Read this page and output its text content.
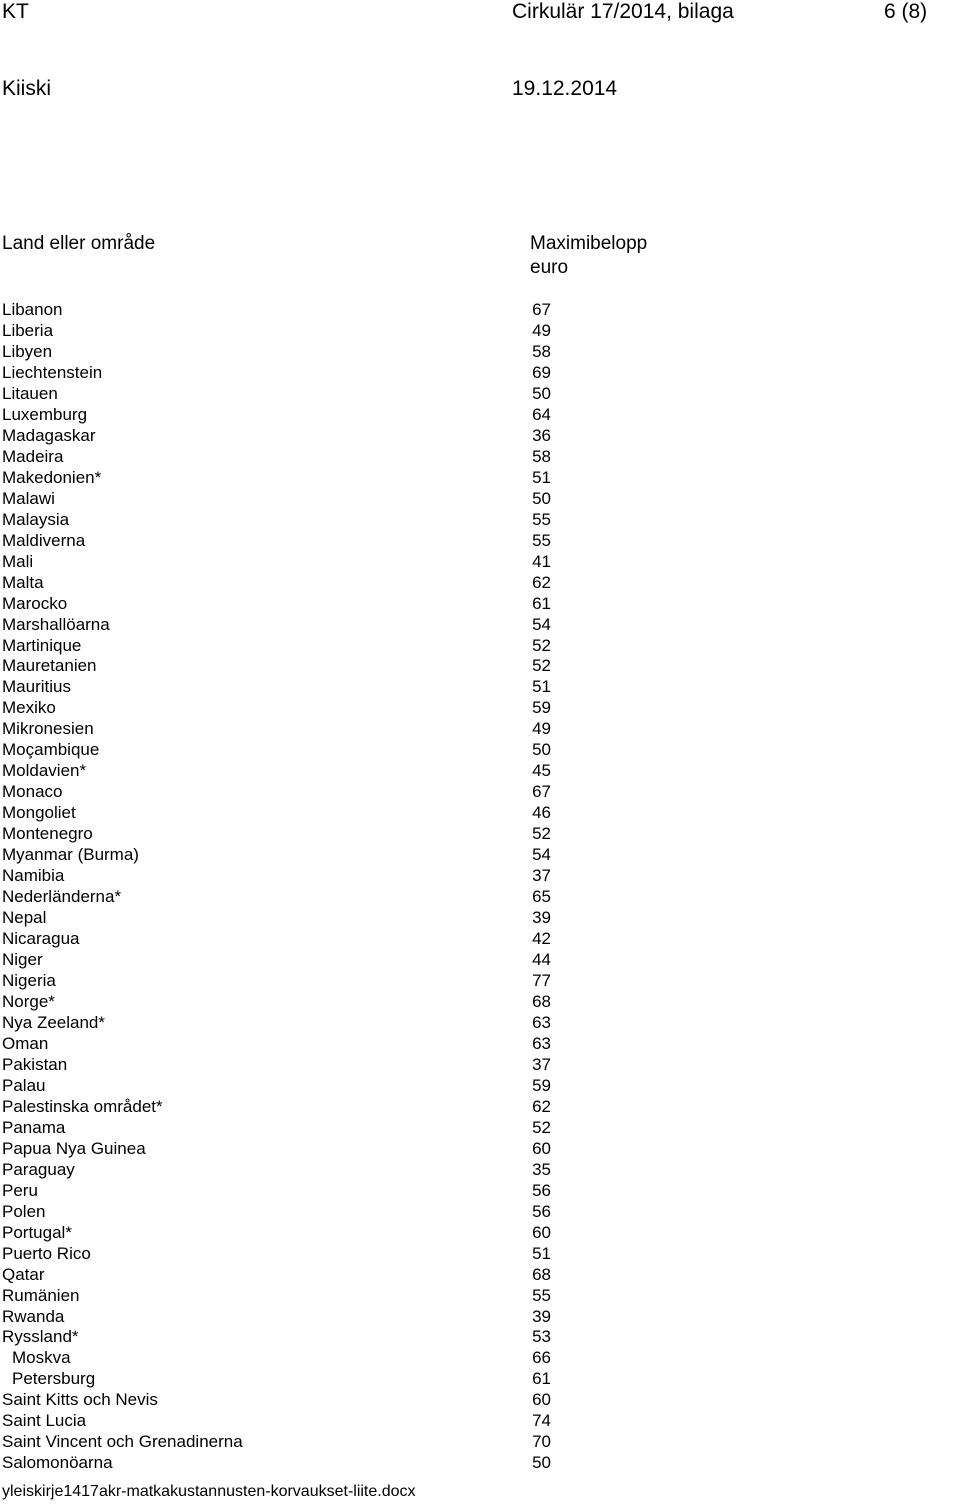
KT	Cirkulär 17/2014, bilaga	6 (8)
Kiiski	19.12.2014
Land eller område	Maximibelopp
euro
Libanon	67
Liberia	49
Libyen	58
Liechtenstein	69
Litauen	50
Luxemburg	64
Madagaskar	36
Madeira	58
Makedonien*	51
Malawi	50
Malaysia	55
Maldiverna	55
Mali	41
Malta	62
Marocko	61
Marshallöarna	54
Martinique	52
Mauretanien	52
Mauritius	51
Mexiko	59
Mikronesien	49
Moçambique	50
Moldavien*	45
Monaco	67
Mongoliet	46
Montenegro	52
Myanmar (Burma)	54
Namibia	37
Nederländerna*	65
Nepal	39
Nicaragua	42
Niger	44
Nigeria	77
Norge*	68
Nya Zeeland*	63
Oman	63
Pakistan	37
Palau	59
Palestinska området*	62
Panama	52
Papua Nya Guinea	60
Paraguay	35
Peru	56
Polen	56
Portugal*	60
Puerto Rico	51
Qatar	68
Rumänien	55
Rwanda	39
Ryssland*	53
Moskva	66
Petersburg	61
Saint Kitts och Nevis	60
Saint Lucia	74
Saint Vincent och Grenadinerna	70
Salomonöarna	50
yleiskirje1417akr-matkakustannusten-korvaukset-liite.docx
